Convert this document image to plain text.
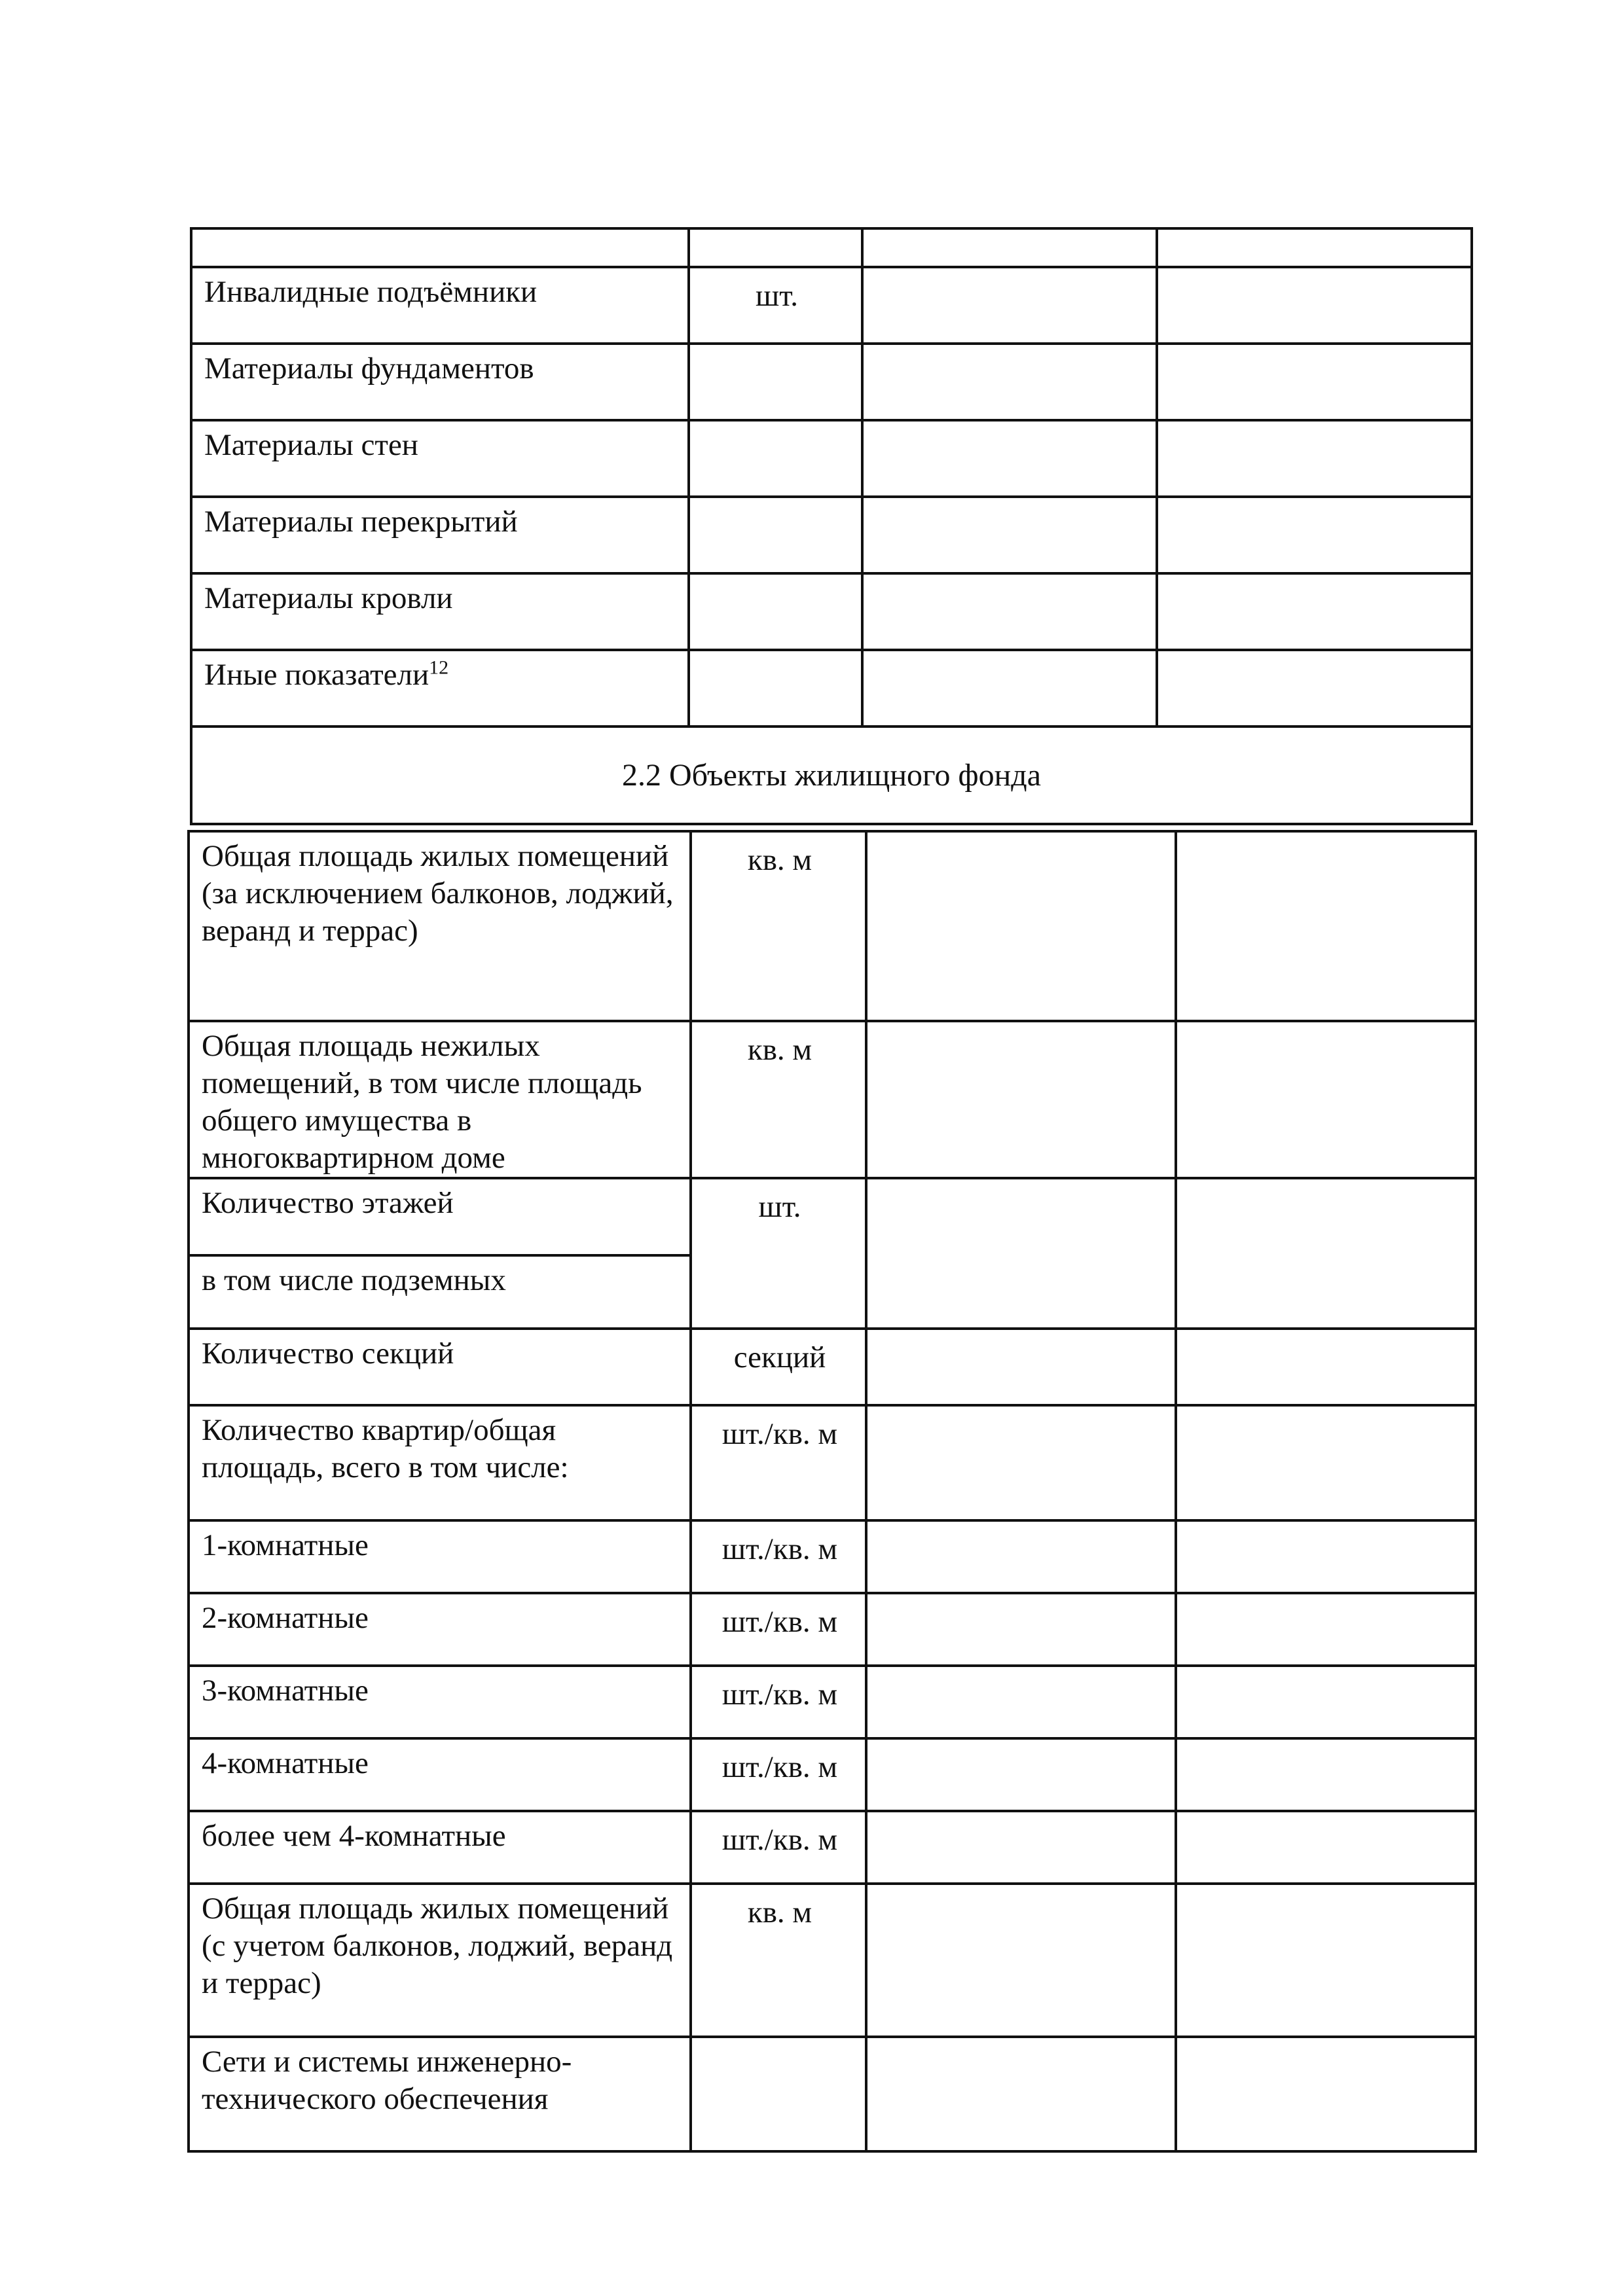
Инвалидные подъёмники	шт.		
Материалы фундаментов			
Материалы стен			
Материалы перекрытий			
Материалы кровли			
Иные показатели$^{12}$			
2.2 Объекты жилищного фонда			
Общая площадь жилых помещений (за исключением балконов, лоджий, веранд и террас)	кв. м		
Общая площадь нежилых помещений, в том числе площадь общего имущества в многоквартирном доме	кв. м		
Количество этажей	шт.		
в том числе подземных			
Количество секций	секций		
Количество квартир/общая площадь, всего в том числе:	шт./кв. м		
1-комнатные	шт./кв. м		
2-комнатные	шт./кв. м		
3-комнатные	шт./кв. м		
4-комнатные	шт./кв. м		
более чем 4-комнатные	шт./кв. м		
Общая площадь жилых помещений (с учетом балконов, лоджий, веранд и террас)	кв. м		
Сети и системы инженерно-технического обеспечения			
